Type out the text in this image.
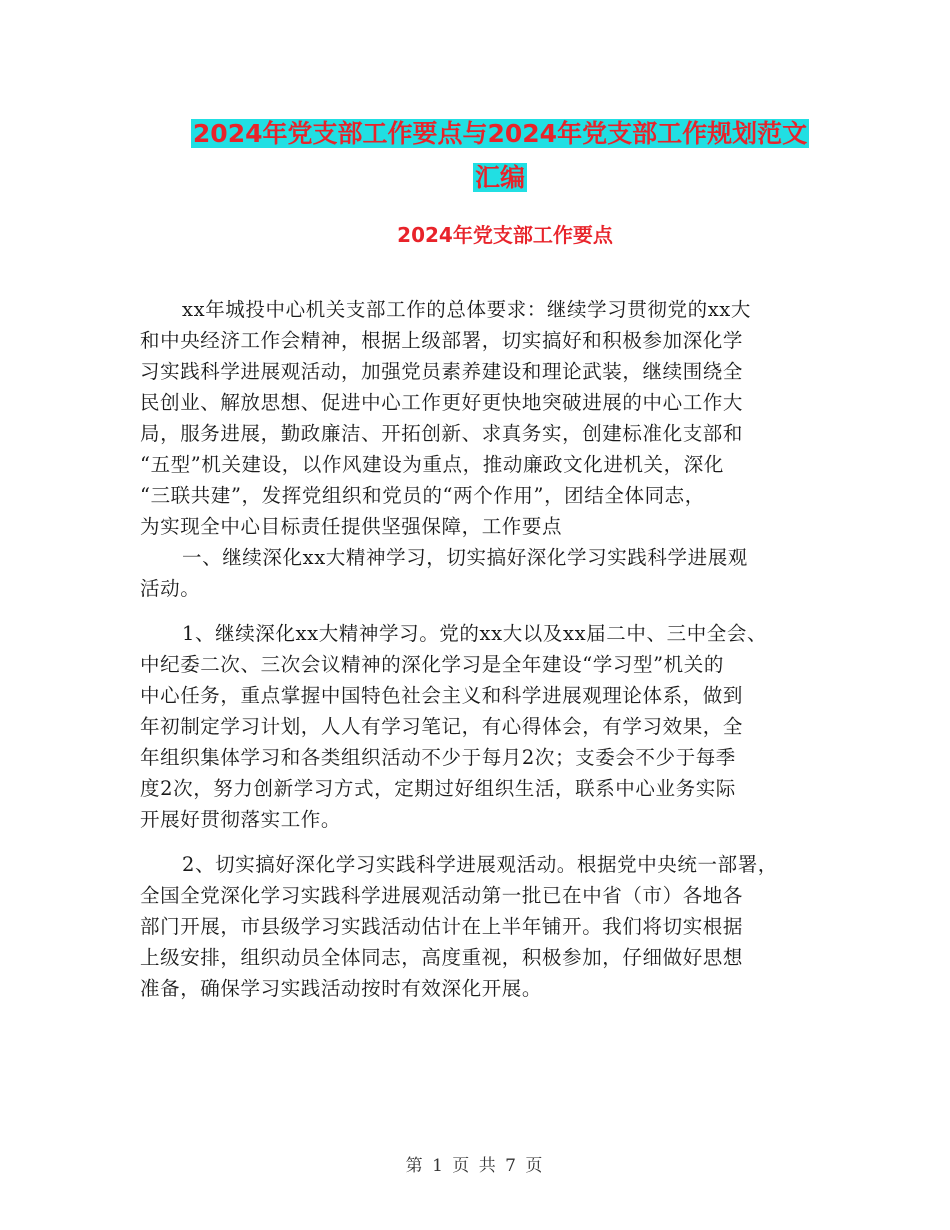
2024年党支部工作要点与2024年党支部工作规划范文
汇编
2024年党支部工作要点
xx年城投中心机关支部工作的总体要求：继续学习贯彻党的xx大
和中央经济工作会精神，根据上级部署，切实搞好和积极参加深化学
习实践科学进展观活动，加强党员素养建设和理论武装，继续围绕全
民创业、解放思想、促进中心工作更好更快地突破进展的中心工作大
局，服务进展，勤政廉洁、开拓创新、求真务实，创建标准化支部和
“五型”机关建设，以作风建设为重点，推动廉政文化进机关，深化
“三联共建”，发挥党组织和党员的“两个作用”，团结全体同志，
为实现全中心目标责任提供坚强保障，工作要点
一、继续深化xx大精神学习，切实搞好深化学习实践科学进展观
活动。
1、继续深化xx大精神学习。党的xx大以及xx届二中、三中全会、
中纪委二次、三次会议精神的深化学习是全年建设“学习型”机关的
中心任务，重点掌握中国特色社会主义和科学进展观理论体系，做到
年初制定学习计划，人人有学习笔记，有心得体会，有学习效果，全
年组织集体学习和各类组织活动不少于每月2次；支委会不少于每季
度2次，努力创新学习方式，定期过好组织生活，联系中心业务实际
开展好贯彻落实工作。
2、切实搞好深化学习实践科学进展观活动。根据党中央统一部署，
全国全党深化学习实践科学进展观活动第一批已在中省（市）各地各
部门开展，市县级学习实践活动估计在上半年铺开。我们将切实根据
上级安排，组织动员全体同志，高度重视，积极参加，仔细做好思想
准备，确保学习实践活动按时有效深化开展。
第 1 页 共 7 页
